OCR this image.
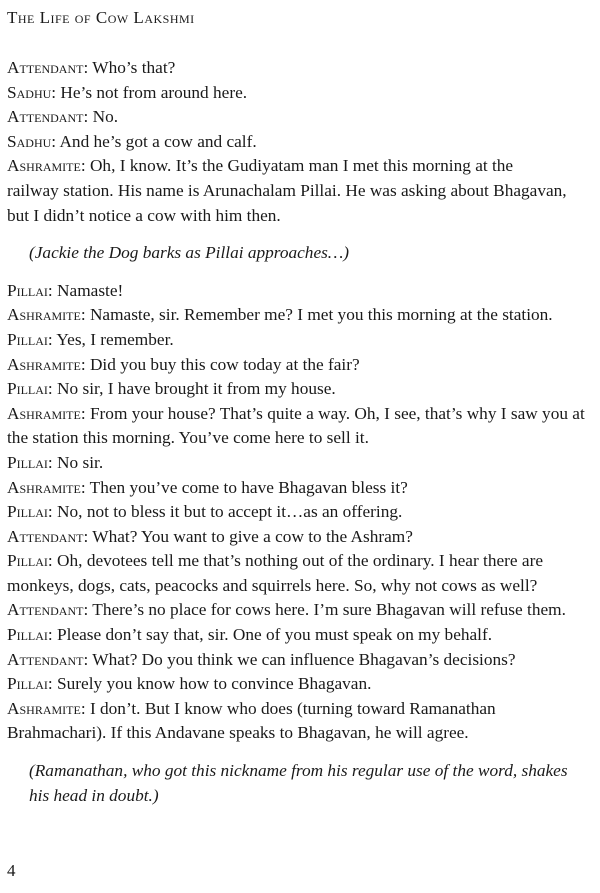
The Life of Cow Lakshmi
Attendant: Who’s that?
Sadhu: He’s not from around here.
Attendant: No.
Sadhu: And he’s got a cow and calf.
Ashramite: Oh, I know. It’s the Gudiyatam man I met this morning at the
railway station. His name is Arunachalam Pillai. He was asking about Bhagavan,
but I didn’t notice a cow with him then.
(Jackie the Dog barks as Pillai approaches…)
Pillai: Namaste!
Ashramite: Namaste, sir. Remember me? I met you this morning at the station.
Pillai: Yes, I remember.
Ashramite: Did you buy this cow today at the fair?
Pillai: No sir, I have brought it from my house.
Ashramite: From your house? That’s quite a way. Oh, I see, that’s why I saw you at
the station this morning. You’ve come here to sell it.
Pillai: No sir.
Ashramite: Then you’ve come to have Bhagavan bless it?
Pillai: No, not to bless it but to accept it…as an offering.
Attendant: What? You want to give a cow to the Ashram?
Pillai: Oh, devotees tell me that’s nothing out of the ordinary. I hear there are
monkeys, dogs, cats, peacocks and squirrels here. So, why not cows as well?
Attendant: There’s no place for cows here. I’m sure Bhagavan will refuse them.
Pillai: Please don’t say that, sir. One of you must speak on my behalf.
Attendant: What? Do you think we can influence Bhagavan’s decisions?
Pillai: Surely you know how to convince Bhagavan.
Ashramite: I don’t. But I know who does (turning toward Ramanathan
Brahmachari). If this Andavane speaks to Bhagavan, he will agree.
(Ramanathan, who got this nickname from his regular use of the word, shakes
his head in doubt.)
4
